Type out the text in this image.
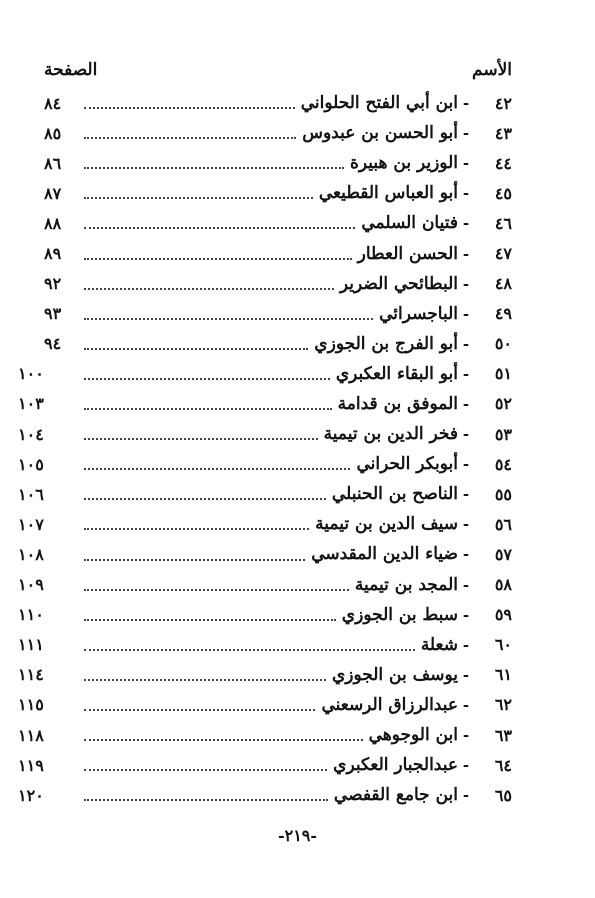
الأسم
الصفحة
٤٢
-
ابن أبي الفتح الحلواني
٨٤
٤٣
-
أبو الحسن بن عبدوس
٨٥
٤٤
-
الوزير بن هبيرة
٨٦
٤٥
-
أبو العباس القطيعي
٨٧
٤٦
-
فتيان السلمي
٨٨
٤٧
-
الحسن العطار
٨٩
٤٨
-
البطائحي الضرير
٩٢
٤٩
-
الباجسرائي
٩٣
٥٠
-
أبو الفرج بن الجوزي
٩٤
٥١
-
أبو البقاء العكبري
١٠٠
٥٢
-
الموفق بن قدامة
١٠٣
٥٣
-
فخر الدين بن تيمية
١٠٤
٥٤
-
أبوبكر الحراني
١٠٥
٥٥
-
الناصح بن الحنبلي
١٠٦
٥٦
-
سيف الدين بن تيمية
١٠٧
٥٧
-
ضياء الدين المقدسي
١٠٨
٥٨
-
المجد بن تيمية
١٠٩
٥٩
-
سبط بن الجوزي
١١٠
٦٠
-
شعلة
١١١
٦١
-
يوسف بن الجوزي
١١٤
٦٢
-
عبدالرزاق الرسعني
١١٥
٦٣
-
ابن الوجوهي
١١٨
٦٤
-
عبدالجبار العكبري
١١٩
٦٥
-
ابن جامع القفصي
١٢٠
-٢١٩-
